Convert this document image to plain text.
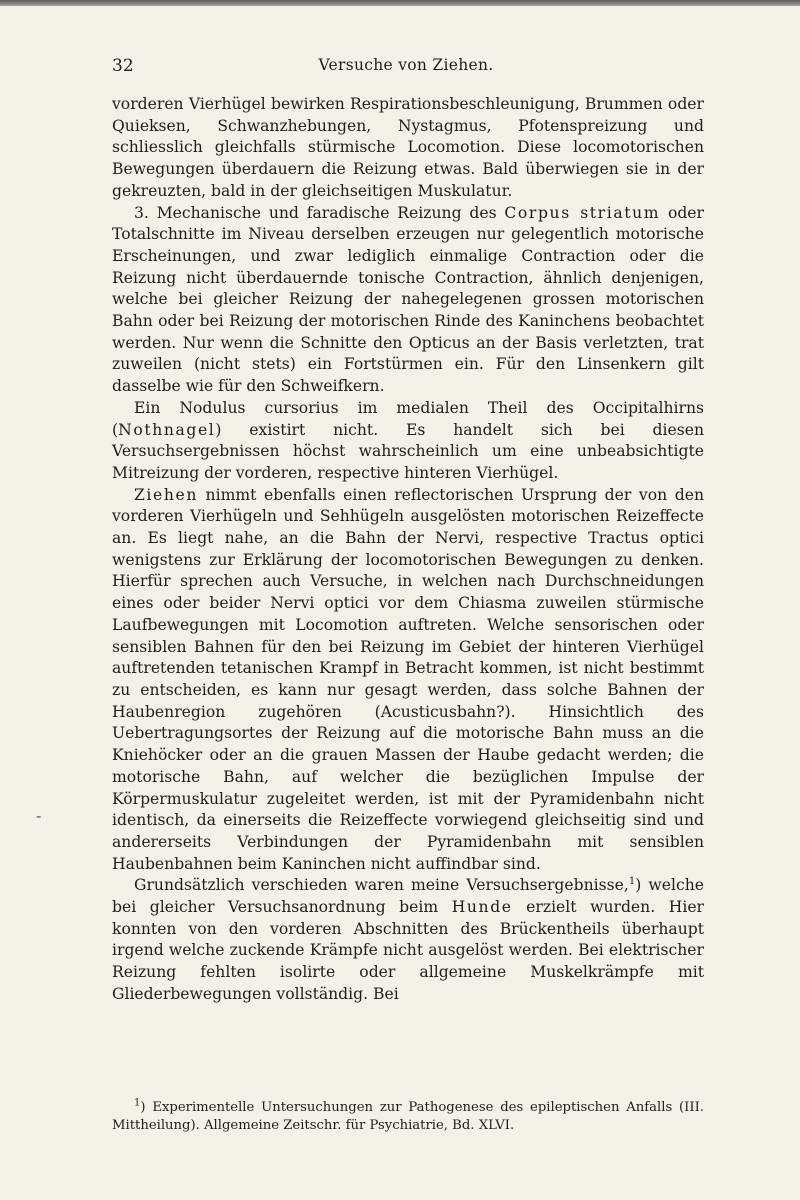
32	Versuche von Ziehen.
-

vorderen Vierhügel bewirken Respirationsbeschleunigung, Brummen oder Quieksen, Schwanzhebungen, Nystagmus, Pfotenspreizung und schliesslich gleichfalls stürmische Locomotion. Diese locomotorischen Bewegungen überdauern die Reizung etwas. Bald überwiegen sie in der gekreuzten, bald in der gleichseitigen Muskulatur.

3. Mechanische und faradische Reizung des Corpus striatum oder Totalschnitte im Niveau derselben erzeugen nur gelegentlich motorische Erscheinungen, und zwar lediglich einmalige Contraction oder die Reizung nicht überdauernde tonische Contraction, ähnlich denjenigen, welche bei gleicher Reizung der nahegelegenen grossen motorischen Bahn oder bei Reizung der motorischen Rinde des Kaninchens beobachtet werden. Nur wenn die Schnitte den Opticus an der Basis verletzten, trat zuweilen (nicht stets) ein Fortstürmen ein. Für den Linsenkern gilt dasselbe wie für den Schweifkern.

Ein Nodulus cursorius im medialen Theil des Occipitalhirns (Nothnagel) existirt nicht. Es handelt sich bei diesen Versuchsergebnissen höchst wahrscheinlich um eine unbeabsichtigte Mitreizung der vorderen, respective hinteren Vierhügel.

Ziehen nimmt ebenfalls einen reflectorischen Ursprung der von den vorderen Vierhügeln und Sehhügeln ausgelösten motorischen Reizeffecte an. Es liegt nahe, an die Bahn der Nervi, respective Tractus optici wenigstens zur Erklärung der locomotorischen Bewegungen zu denken. Hierfür sprechen auch Versuche, in welchen nach Durchschneidungen eines oder beider Nervi optici vor dem Chiasma zuweilen stürmische Laufbewegungen mit Locomotion auftreten. Welche sensorischen oder sensiblen Bahnen für den bei Reizung im Gebiet der hinteren Vierhügel auftretenden tetanischen Krampf in Betracht kommen, ist nicht bestimmt zu entscheiden, es kann nur gesagt werden, dass solche Bahnen der Haubenregion zugehören (Acusticusbahn?). Hinsichtlich des Uebertragungsortes der Reizung auf die motorische Bahn muss an die Kniehöcker oder an die grauen Massen der Haube gedacht werden; die motorische Bahn, auf welcher die bezüglichen Impulse der Körpermuskulatur zugeleitet werden, ist mit der Pyramidenbahn nicht identisch, da einerseits die Reizeffecte vorwiegend gleichseitig sind und andererseits Verbindungen der Pyramidenbahn mit sensiblen Haubenbahnen beim Kaninchen nicht auffindbar sind.

Grundsätzlich verschieden waren meine Versuchsergebnisse,$^1$) welche bei gleicher Versuchsanordnung beim Hunde erzielt wurden. Hier konnten von den vorderen Abschnitten des Brückentheils überhaupt irgend welche zuckende Krämpfe nicht ausgelöst werden. Bei elektrischer Reizung fehlten isolirte oder allgemeine Muskelkrämpfe mit Gliederbewegungen vollständig. Bei

$^1$) Experimentelle Untersuchungen zur Pathogenese des epileptischen Anfalls (III. Mittheilung). Allgemeine Zeitschr. für Psychiatrie, Bd. XLVI.
